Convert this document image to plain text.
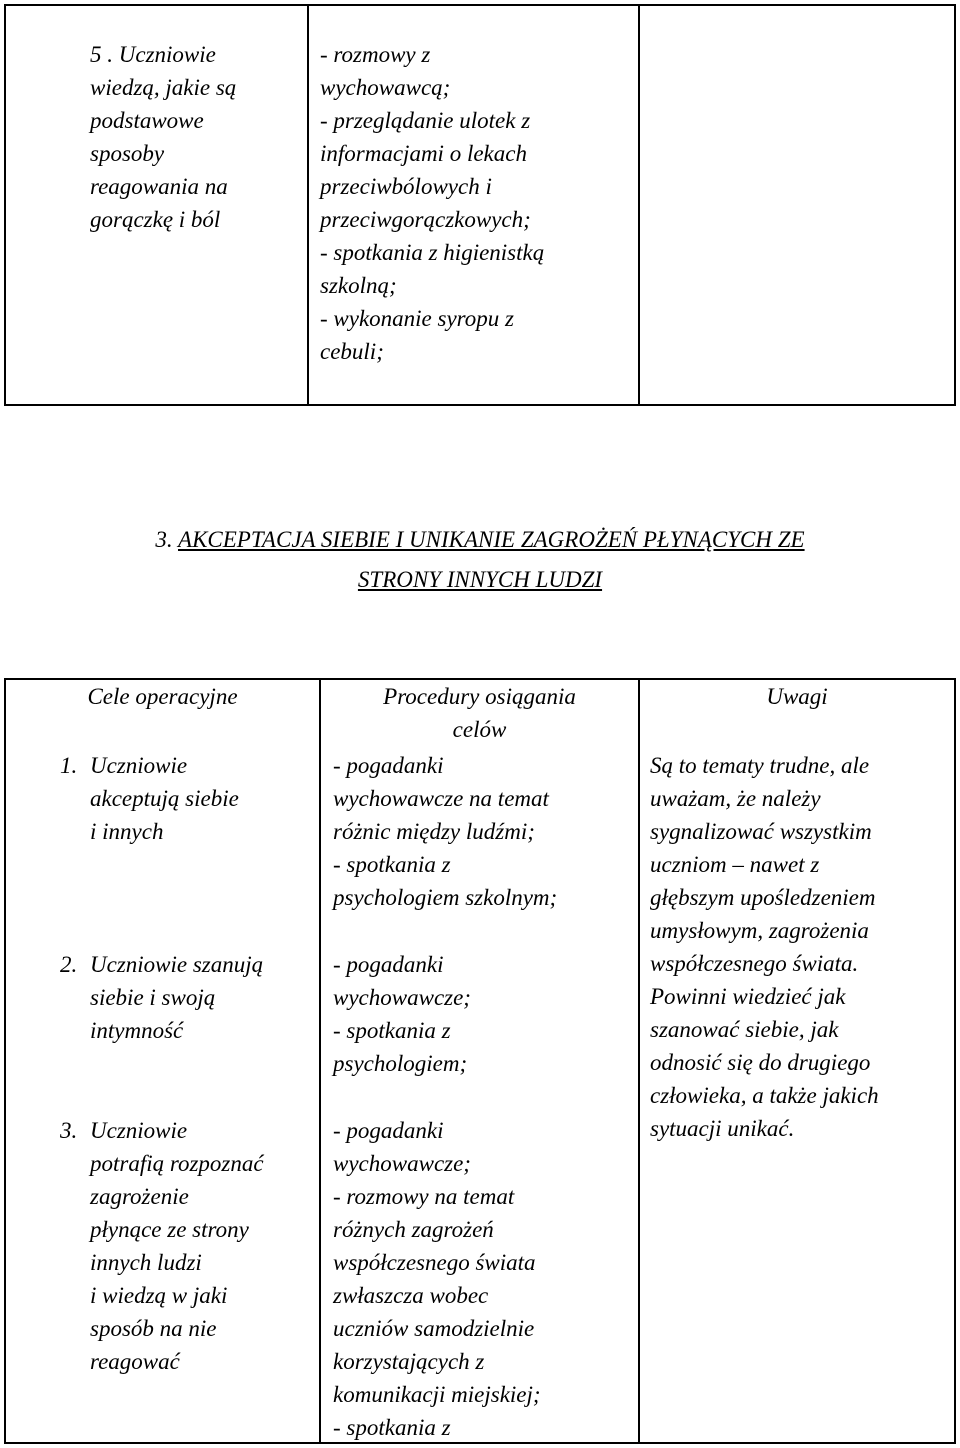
5 . Uczniowie
wiedzą, jakie są
podstawowe
sposoby
reagowania na
gorączkę i ból
- rozmowy z
wychowawcą;
- przeglądanie ulotek z
informacjami o lekach
przeciwbólowych i
przeciwgorączkowych;
- spotkania z higienistką
szkolną;
- wykonanie syropu z
cebuli;
3. AKCEPTACJA SIEBIE I UNIKANIE ZAGROŻEŃ PŁYNĄCYCH ZE
STRONY INNYCH LUDZI
Cele operacyjne	Procedury osiągania
celów
Uwagi
1. Uczniowie
akceptują siebie
i innych
2. Uczniowie szanują
siebie i swoją
intymność
3. Uczniowie
potrafią rozpoznać
zagrożenie
płynące ze strony
innych ludzi
i wiedzą w jaki
sposób na nie
reagować
- pogadanki
wychowawcze na temat
różnic między ludźmi;
- spotkania z
psychologiem szkolnym;
- pogadanki
wychowawcze;
- spotkania z
psychologiem;
- pogadanki
wychowawcze;
- rozmowy na temat
różnych zagrożeń
współczesnego świata
zwłaszcza wobec
uczniów samodzielnie
korzystających z
komunikacji miejskiej;
- spotkania z
Są to tematy trudne, ale
uważam, że należy
sygnalizować wszystkim
uczniom – nawet z
głębszym upośledzeniem
umysłowym, zagrożenia
współczesnego świata.
Powinni wiedzieć jak
szanować siebie, jak
odnosić się do drugiego
człowieka, a także jakich
sytuacji unikać.
